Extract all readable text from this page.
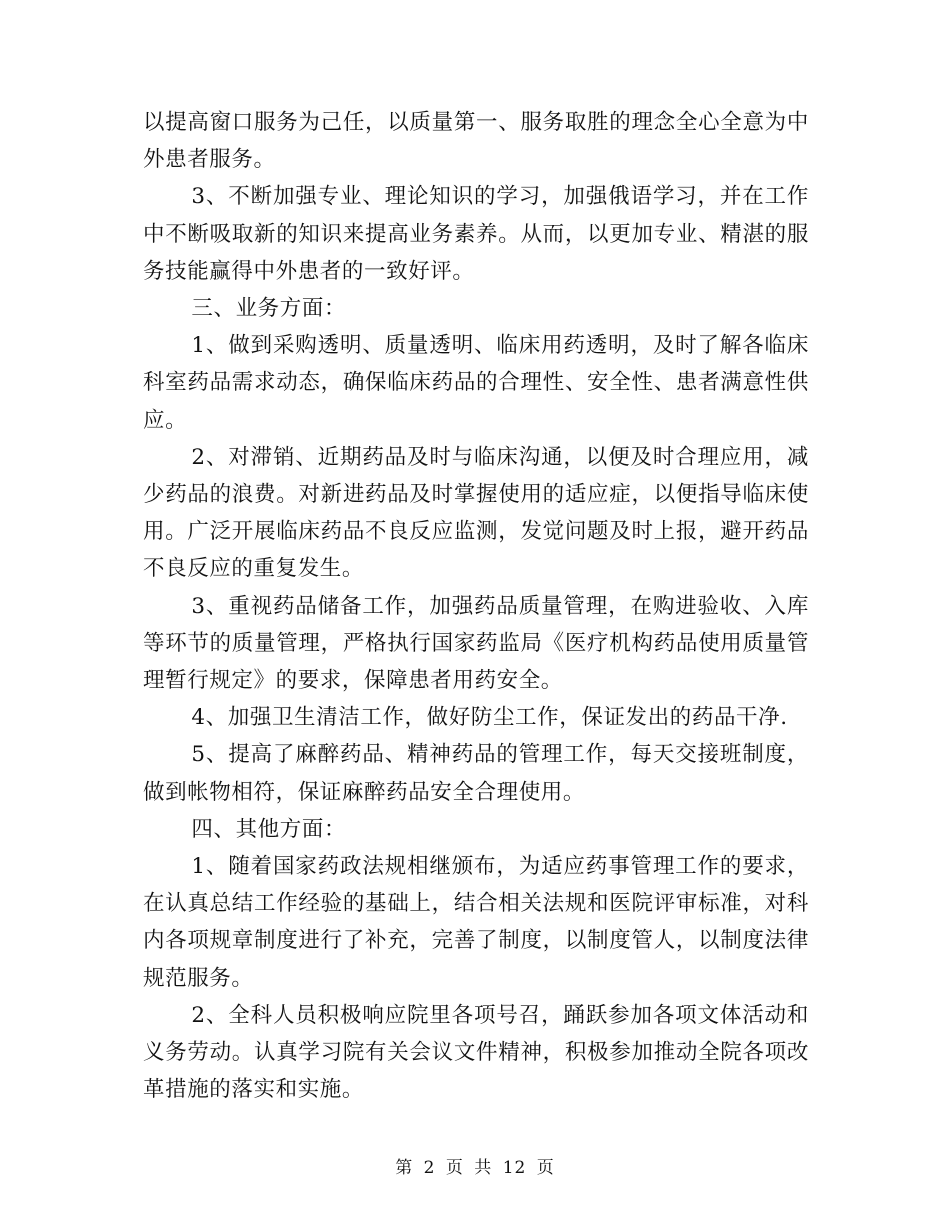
以提高窗口服务为己任，以质量第一、服务取胜的理念全心全意为中外患者服务。

3、不断加强专业、理论知识的学习，加强俄语学习，并在工作中不断吸取新的知识来提高业务素养。从而，以更加专业、精湛的服务技能赢得中外患者的一致好评。

三、业务方面：

1、做到采购透明、质量透明、临床用药透明，及时了解各临床科室药品需求动态，确保临床药品的合理性、安全性、患者满意性供应。

2、对滞销、近期药品及时与临床沟通，以便及时合理应用，减少药品的浪费。对新进药品及时掌握使用的适应症，以便指导临床使用。广泛开展临床药品不良反应监测，发觉问题及时上报，避开药品不良反应的重复发生。

3、重视药品储备工作，加强药品质量管理，在购进验收、入库等环节的质量管理，严格执行国家药监局《医疗机构药品使用质量管理暂行规定》的要求，保障患者用药安全。

4、加强卫生清洁工作，做好防尘工作，保证发出的药品干净.

5、提高了麻醉药品、精神药品的管理工作，每天交接班制度，做到帐物相符，保证麻醉药品安全合理使用。

四、其他方面：

1、随着国家药政法规相继颁布，为适应药事管理工作的要求，在认真总结工作经验的基础上，结合相关法规和医院评审标准，对科内各项规章制度进行了补充，完善了制度，以制度管人，以制度法律规范服务。

2、全科人员积极响应院里各项号召，踊跃参加各项文体活动和义务劳动。认真学习院有关会议文件精神，积极参加推动全院各项改革措施的落实和实施。

第 2 页 共 12 页
